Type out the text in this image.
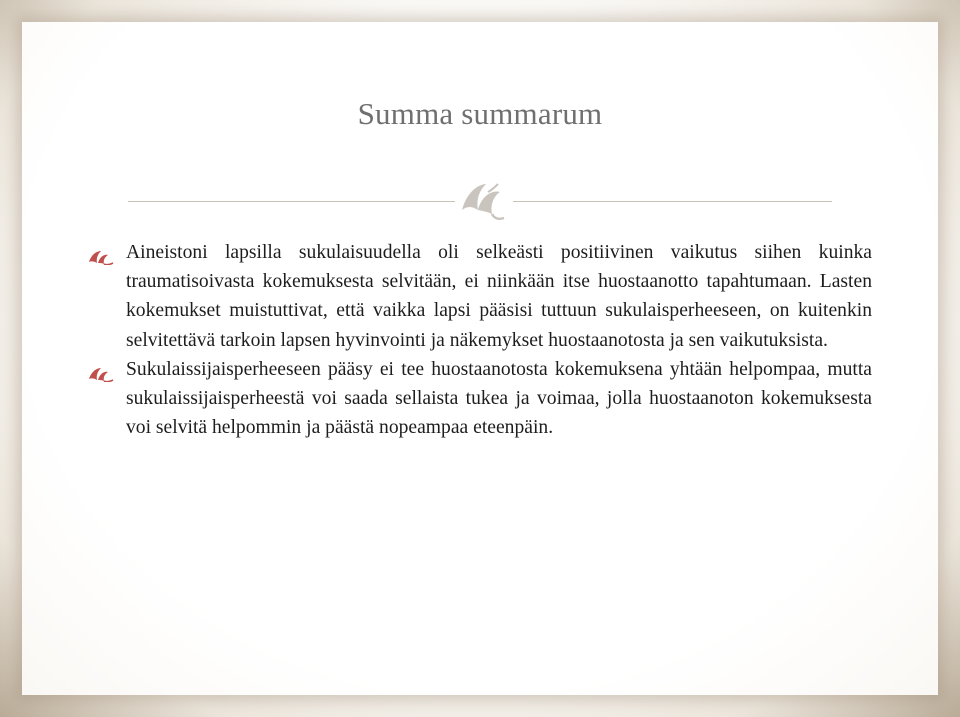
Summa summarum
Aineistoni lapsilla sukulaisuudella oli selkeästi positiivinen vaikutus siihen kuinka traumatisoivasta kokemuksesta selvitään, ei niinkään itse huostaanotto tapahtumaan. Lasten kokemukset muistuttivat, että vaikka lapsi pääsisi tuttuun sukulaisperheeseen, on kuitenkin selvitettävä tarkoin lapsen hyvinvointi ja näkemykset huostaanotosta ja sen vaikutuksista.
Sukulaissijaisperheeseen pääsy ei tee huostaanotosta kokemuksena yhtään helpompaa, mutta sukulaissijaisperheestä voi saada sellaista tukea ja voimaa, jolla huostaanoton kokemuksesta voi selvitä helpommin ja päästä nopeampaa eteenpäin.
